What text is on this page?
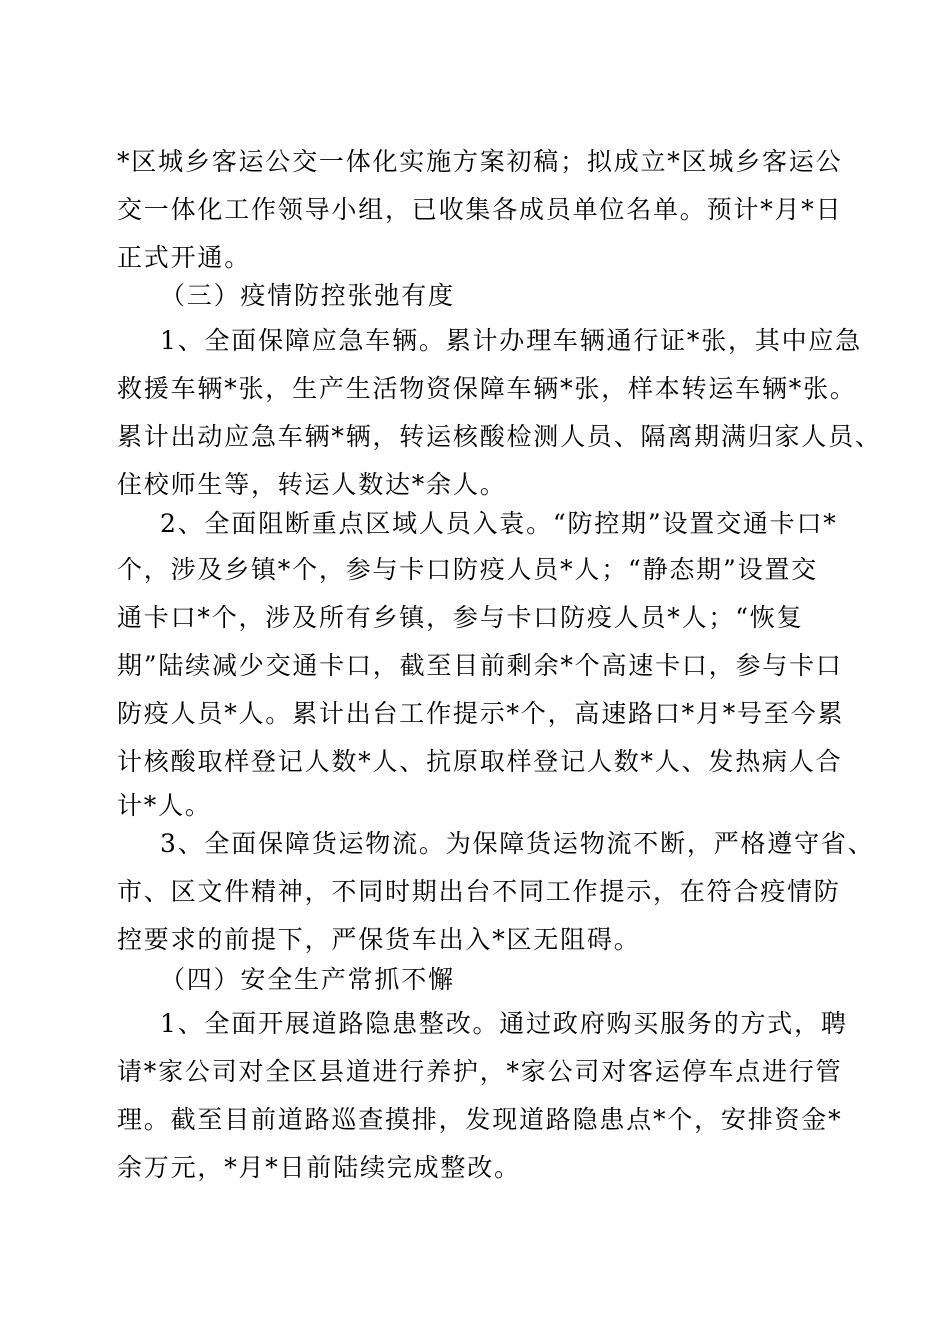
*区城乡客运公交一体化实施方案初稿；拟成立*区城乡客运公
交一体化工作领导小组，已收集各成员单位名单。预计*月*日
正式开通。
（三）疫情防控张弛有度
1、全面保障应急车辆。累计办理车辆通行证*张，其中应急
救援车辆*张，生产生活物资保障车辆*张，样本转运车辆*张。
累计出动应急车辆*辆，转运核酸检测人员、隔离期满归家人员、
住校师生等，转运人数达*余人。
2、全面阻断重点区域人员入袁。“防控期”设置交通卡口*
个，涉及乡镇*个，参与卡口防疫人员*人；“静态期”设置交
通卡口*个，涉及所有乡镇，参与卡口防疫人员*人；“恢复
期”陆续减少交通卡口，截至目前剩余*个高速卡口，参与卡口
防疫人员*人。累计出台工作提示*个，高速路口*月*号至今累
计核酸取样登记人数*人、抗原取样登记人数*人、发热病人合
计*人。
3、全面保障货运物流。为保障货运物流不断，严格遵守省、
市、区文件精神，不同时期出台不同工作提示，在符合疫情防
控要求的前提下，严保货车出入*区无阻碍。
（四）安全生产常抓不懈
1、全面开展道路隐患整改。通过政府购买服务的方式，聘
请*家公司对全区县道进行养护，*家公司对客运停车点进行管
理。截至目前道路巡查摸排，发现道路隐患点*个，安排资金*
余万元，*月*日前陆续完成整改。
